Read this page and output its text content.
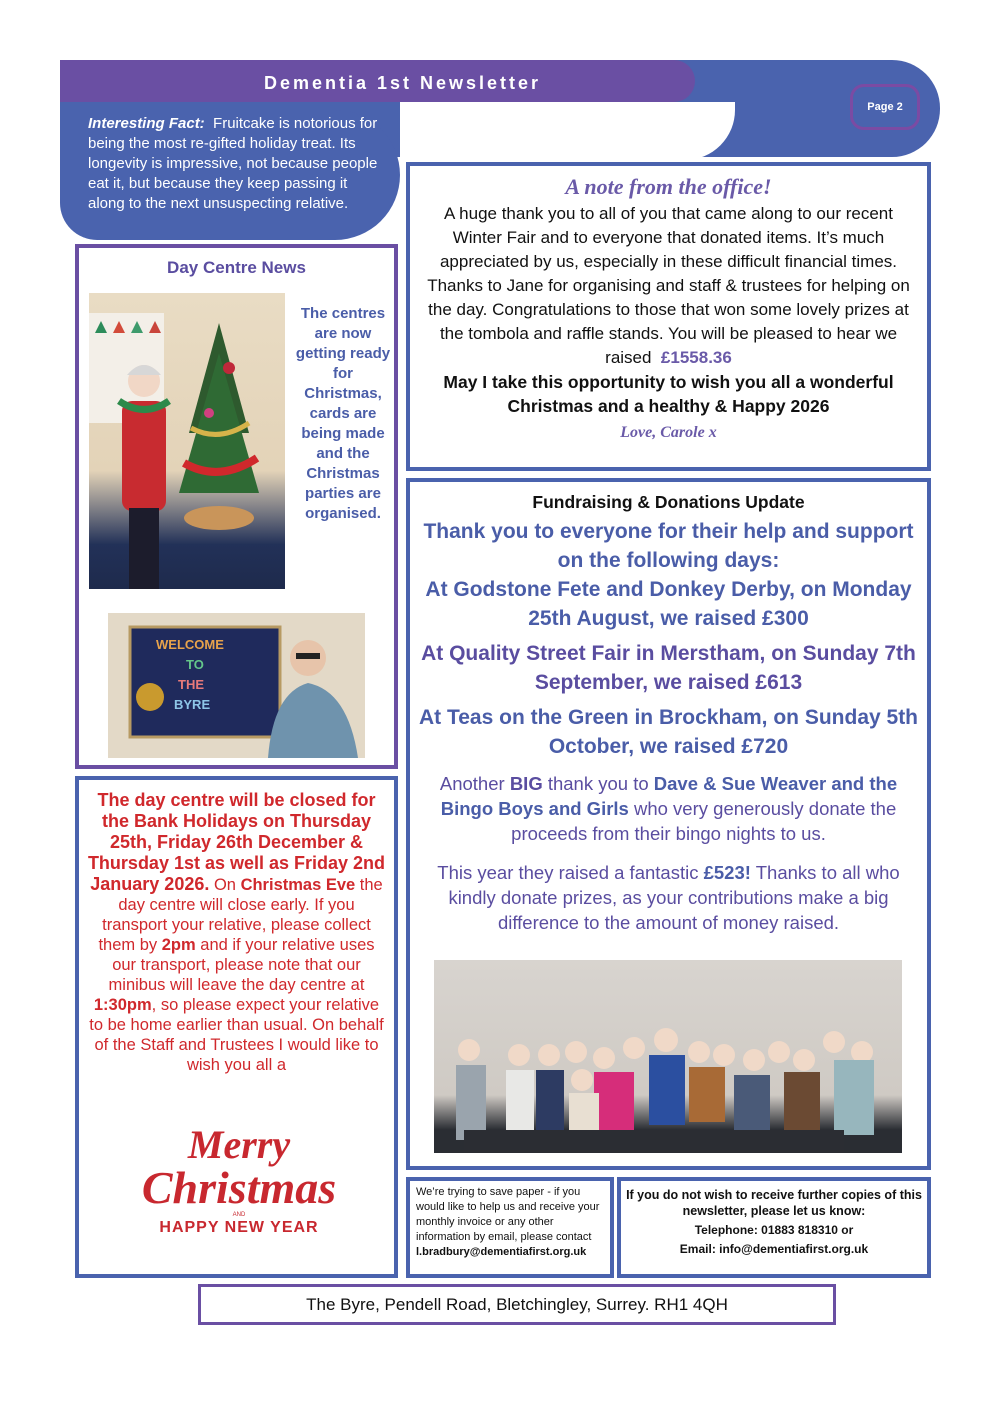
Dementia 1st Newsletter
Page 2
Interesting Fact: Fruitcake is notorious for being the most re-gifted holiday treat. Its longevity is impressive, not because people eat it, but because they keep passing it along to the next unsuspecting relative.
Day Centre News
The centres are now getting ready for Christmas, cards are being made and the Christmas parties are organised.
WELCOME
TO
THE
BYRE
The day centre will be closed for the Bank Holidays on Thursday 25th, Friday 26th December & Thursday 1st as well as Friday 2nd January 2026. On Christmas Eve the day centre will close early. If you transport your relative, please collect them by 2pm and if your relative uses our transport, please note that our minibus will leave the day centre at 1:30pm, so please expect your relative to be home earlier than usual. On behalf of the Staff and Trustees I would like to wish you all a
Merry
Christmas
AND
HAPPY NEW YEAR
A note from the office!
A huge thank you to all of you that came along to our recent Winter Fair and to everyone that donated items. It’s much appreciated by us, especially in these difficult financial times. Thanks to Jane for organising and staff & trustees for helping on the day. Congratulations to those that won some lovely prizes at the tombola and raffle stands. You will be pleased to hear we raised £1558.36
May I take this opportunity to wish you all a wonderful Christmas and a healthy & Happy 2026
Love, Carole x
Fundraising & Donations Update
Thank you to everyone for their help and support on the following days:
At Godstone Fete and Donkey Derby, on Monday 25th August, we raised £300
At Quality Street Fair in Merstham, on Sunday 7th September, we raised £613
At Teas on the Green in Brockham, on Sunday 5th October, we raised £720
Another BIG thank you to Dave & Sue Weaver and the Bingo Boys and Girls who very generously donate the proceeds from their bingo nights to us.
This year they raised a fantastic £523! Thanks to all who kindly donate prizes, as your contributions make a big difference to the amount of money raised.
We’re trying to save paper - if you would like to help us and receive your monthly invoice or any other information by email, please contact l.bradbury@dementiafirst.org.uk
If you do not wish to receive further copies of this newsletter, please let us know:
Telephone: 01883 818310 or
Email: info@dementiafirst.org.uk
The Byre, Pendell Road, Bletchingley, Surrey. RH1 4QH
